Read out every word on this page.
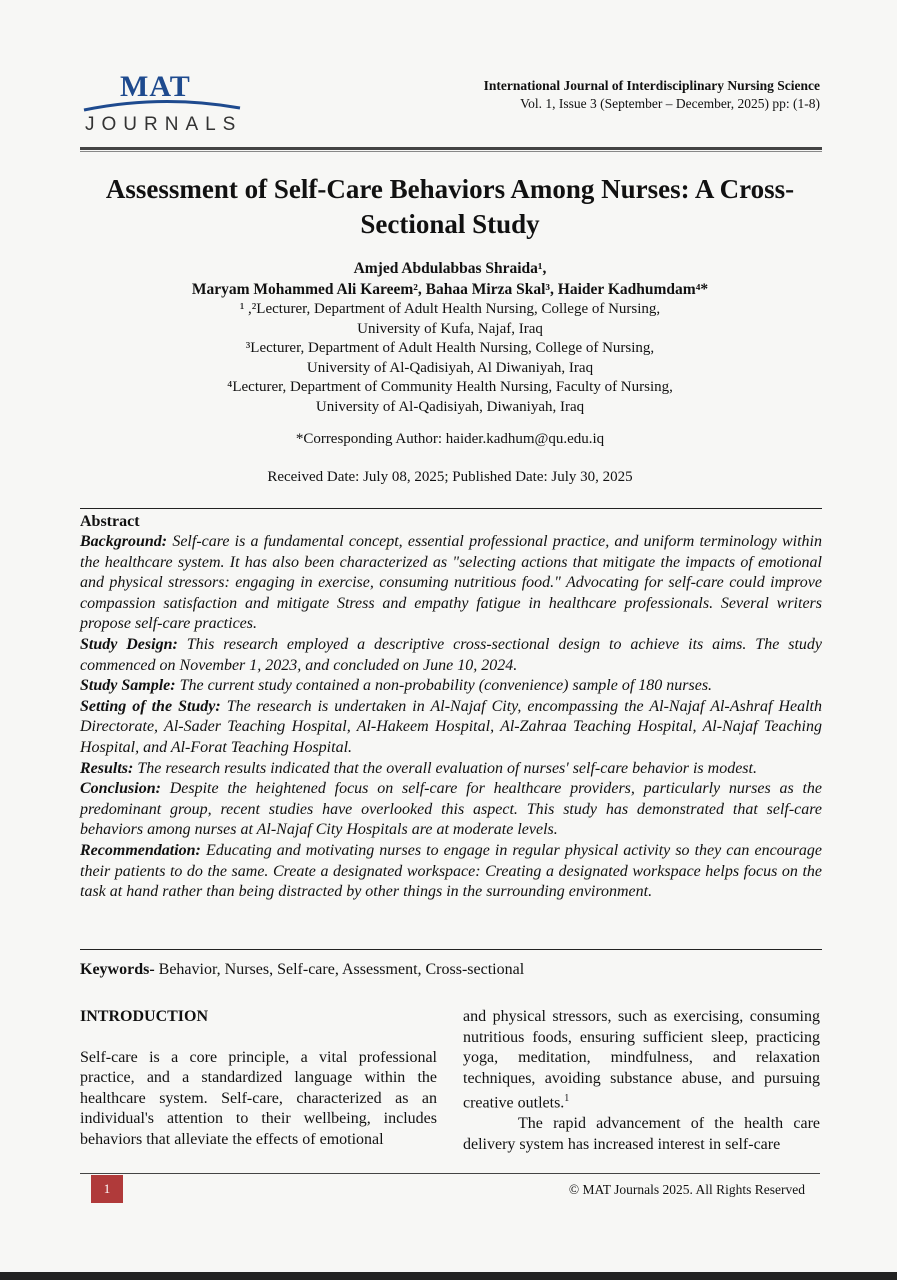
MAT
JOURNALS
International Journal of Interdisciplinary Nursing Science
Vol. 1, Issue 3 (September – December, 2025) pp: (1-8)
Assessment of Self-Care Behaviors Among Nurses: A Cross-Sectional Study
Amjed Abdulabbas Shraida¹,
Maryam Mohammed Ali Kareem², Bahaa Mirza Skal³, Haider Kadhumdam⁴*
¹ ,²Lecturer, Department of Adult Health Nursing, College of Nursing,
University of Kufa, Najaf, Iraq
³Lecturer, Department of Adult Health Nursing, College of Nursing,
University of Al-Qadisiyah, Al Diwaniyah, Iraq
⁴Lecturer, Department of Community Health Nursing, Faculty of Nursing,
University of Al-Qadisiyah, Diwaniyah, Iraq
*Corresponding Author: haider.kadhum@qu.edu.iq
Received Date: July 08, 2025; Published Date: July 30, 2025
Abstract

Background: Self-care is a fundamental concept, essential professional practice, and uniform terminology within the healthcare system. It has also been characterized as "selecting actions that mitigate the impacts of emotional and physical stressors: engaging in exercise, consuming nutritious food." Advocating for self-care could improve compassion satisfaction and mitigate Stress and empathy fatigue in healthcare professionals. Several writers propose self-care practices.

Study Design: This research employed a descriptive cross-sectional design to achieve its aims. The study commenced on November 1, 2023, and concluded on June 10, 2024.

Study Sample: The current study contained a non-probability (convenience) sample of 180 nurses.

Setting of the Study: The research is undertaken in Al-Najaf City, encompassing the Al-Najaf Al-Ashraf Health Directorate, Al-Sader Teaching Hospital, Al-Hakeem Hospital, Al-Zahraa Teaching Hospital, Al-Najaf Teaching Hospital, and Al-Forat Teaching Hospital.

Results: The research results indicated that the overall evaluation of nurses' self-care behavior is modest.

Conclusion: Despite the heightened focus on self-care for healthcare providers, particularly nurses as the predominant group, recent studies have overlooked this aspect. This study has demonstrated that self-care behaviors among nurses at Al-Najaf City Hospitals are at moderate levels.

Recommendation: Educating and motivating nurses to engage in regular physical activity so they can encourage their patients to do the same. Create a designated workspace: Creating a designated workspace helps focus on the task at hand rather than being distracted by other things in the surrounding environment.

Keywords- Behavior, Nurses, Self-care, Assessment, Cross-sectional
INTRODUCTION

Self-care is a core principle, a vital professional practice, and a standardized language within the healthcare system. Self-care, characterized as an individual's attention to their wellbeing, includes behaviors that alleviate the effects of emotional

and physical stressors, such as exercising, consuming nutritious foods, ensuring sufficient sleep, practicing yoga, meditation, mindfulness, and relaxation techniques, avoiding substance abuse, and pursuing creative outlets.$^1$

The rapid advancement of the health care delivery system has increased interest in self-care

1	© MAT Journals 2025. All Rights Reserved
